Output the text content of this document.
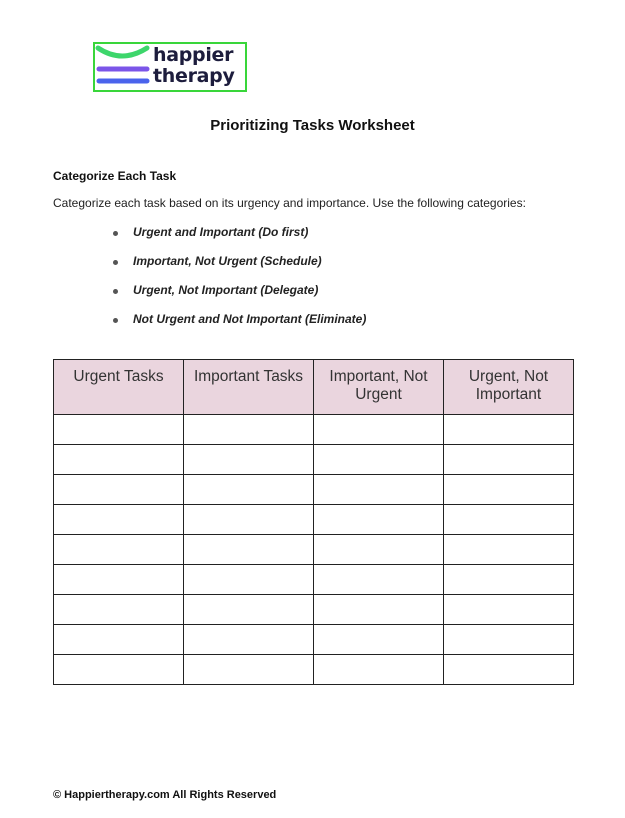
happier
therapy
Prioritizing Tasks Worksheet
Categorize Each Task

Categorize each task based on its urgency and importance. Use the following categories:

Urgent and Important (Do first)
Important, Not Urgent (Schedule)
Urgent, Not Important (Delegate)
Not Urgent and Not Important (Eliminate)
Urgent Tasks	Important Tasks	Important, Not Urgent	Urgent, Not Important

© Happiertherapy.com All Rights Reserved
